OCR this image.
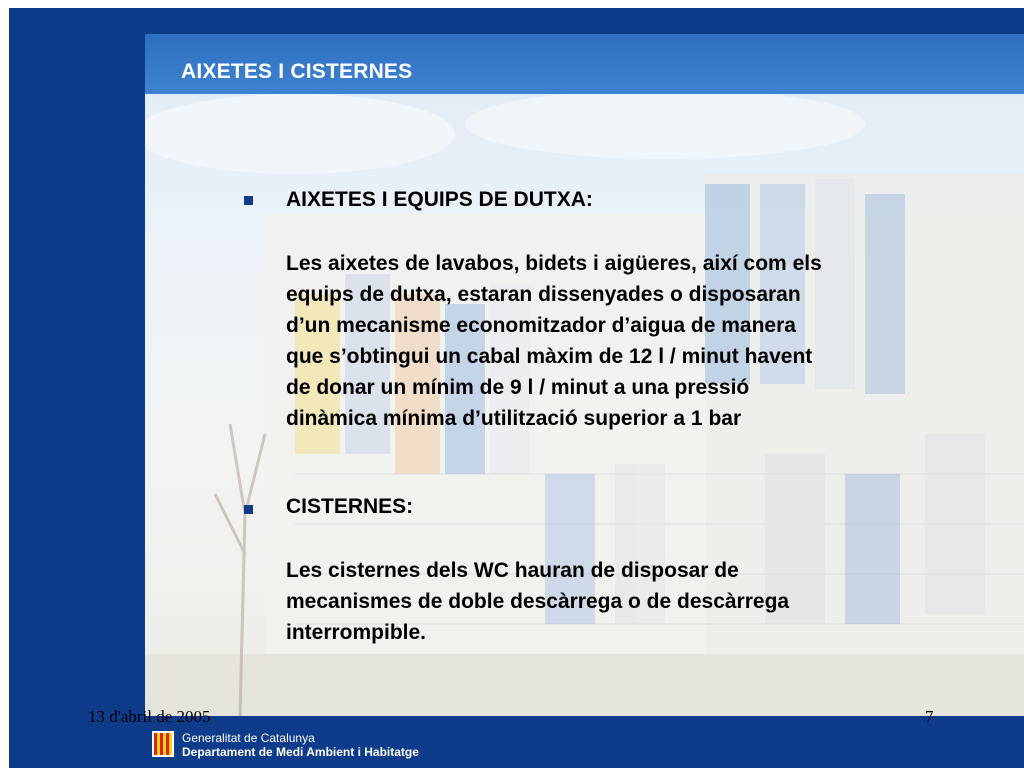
AIXETES I CISTERNES
AIXETES I EQUIPS DE DUTXA:
Les aixetes de lavabos, bidets i aigüeres, així com els
equips de dutxa, estaran dissenyades o disposaran
d’un mecanisme economitzador d’aigua de manera
que s’obtingui un cabal màxim de 12 l / minut havent
de donar un mínim de 9 l / minut a una pressió
dinàmica mínima d’utilització superior a 1 bar
CISTERNES:
Les cisternes dels WC hauran de disposar de
mecanismes de doble descàrrega o de descàrrega
interrompible.
13 d'abril de 2005	7
Generalitat de Catalunya
Departament de Medi Ambient i Habitatge
